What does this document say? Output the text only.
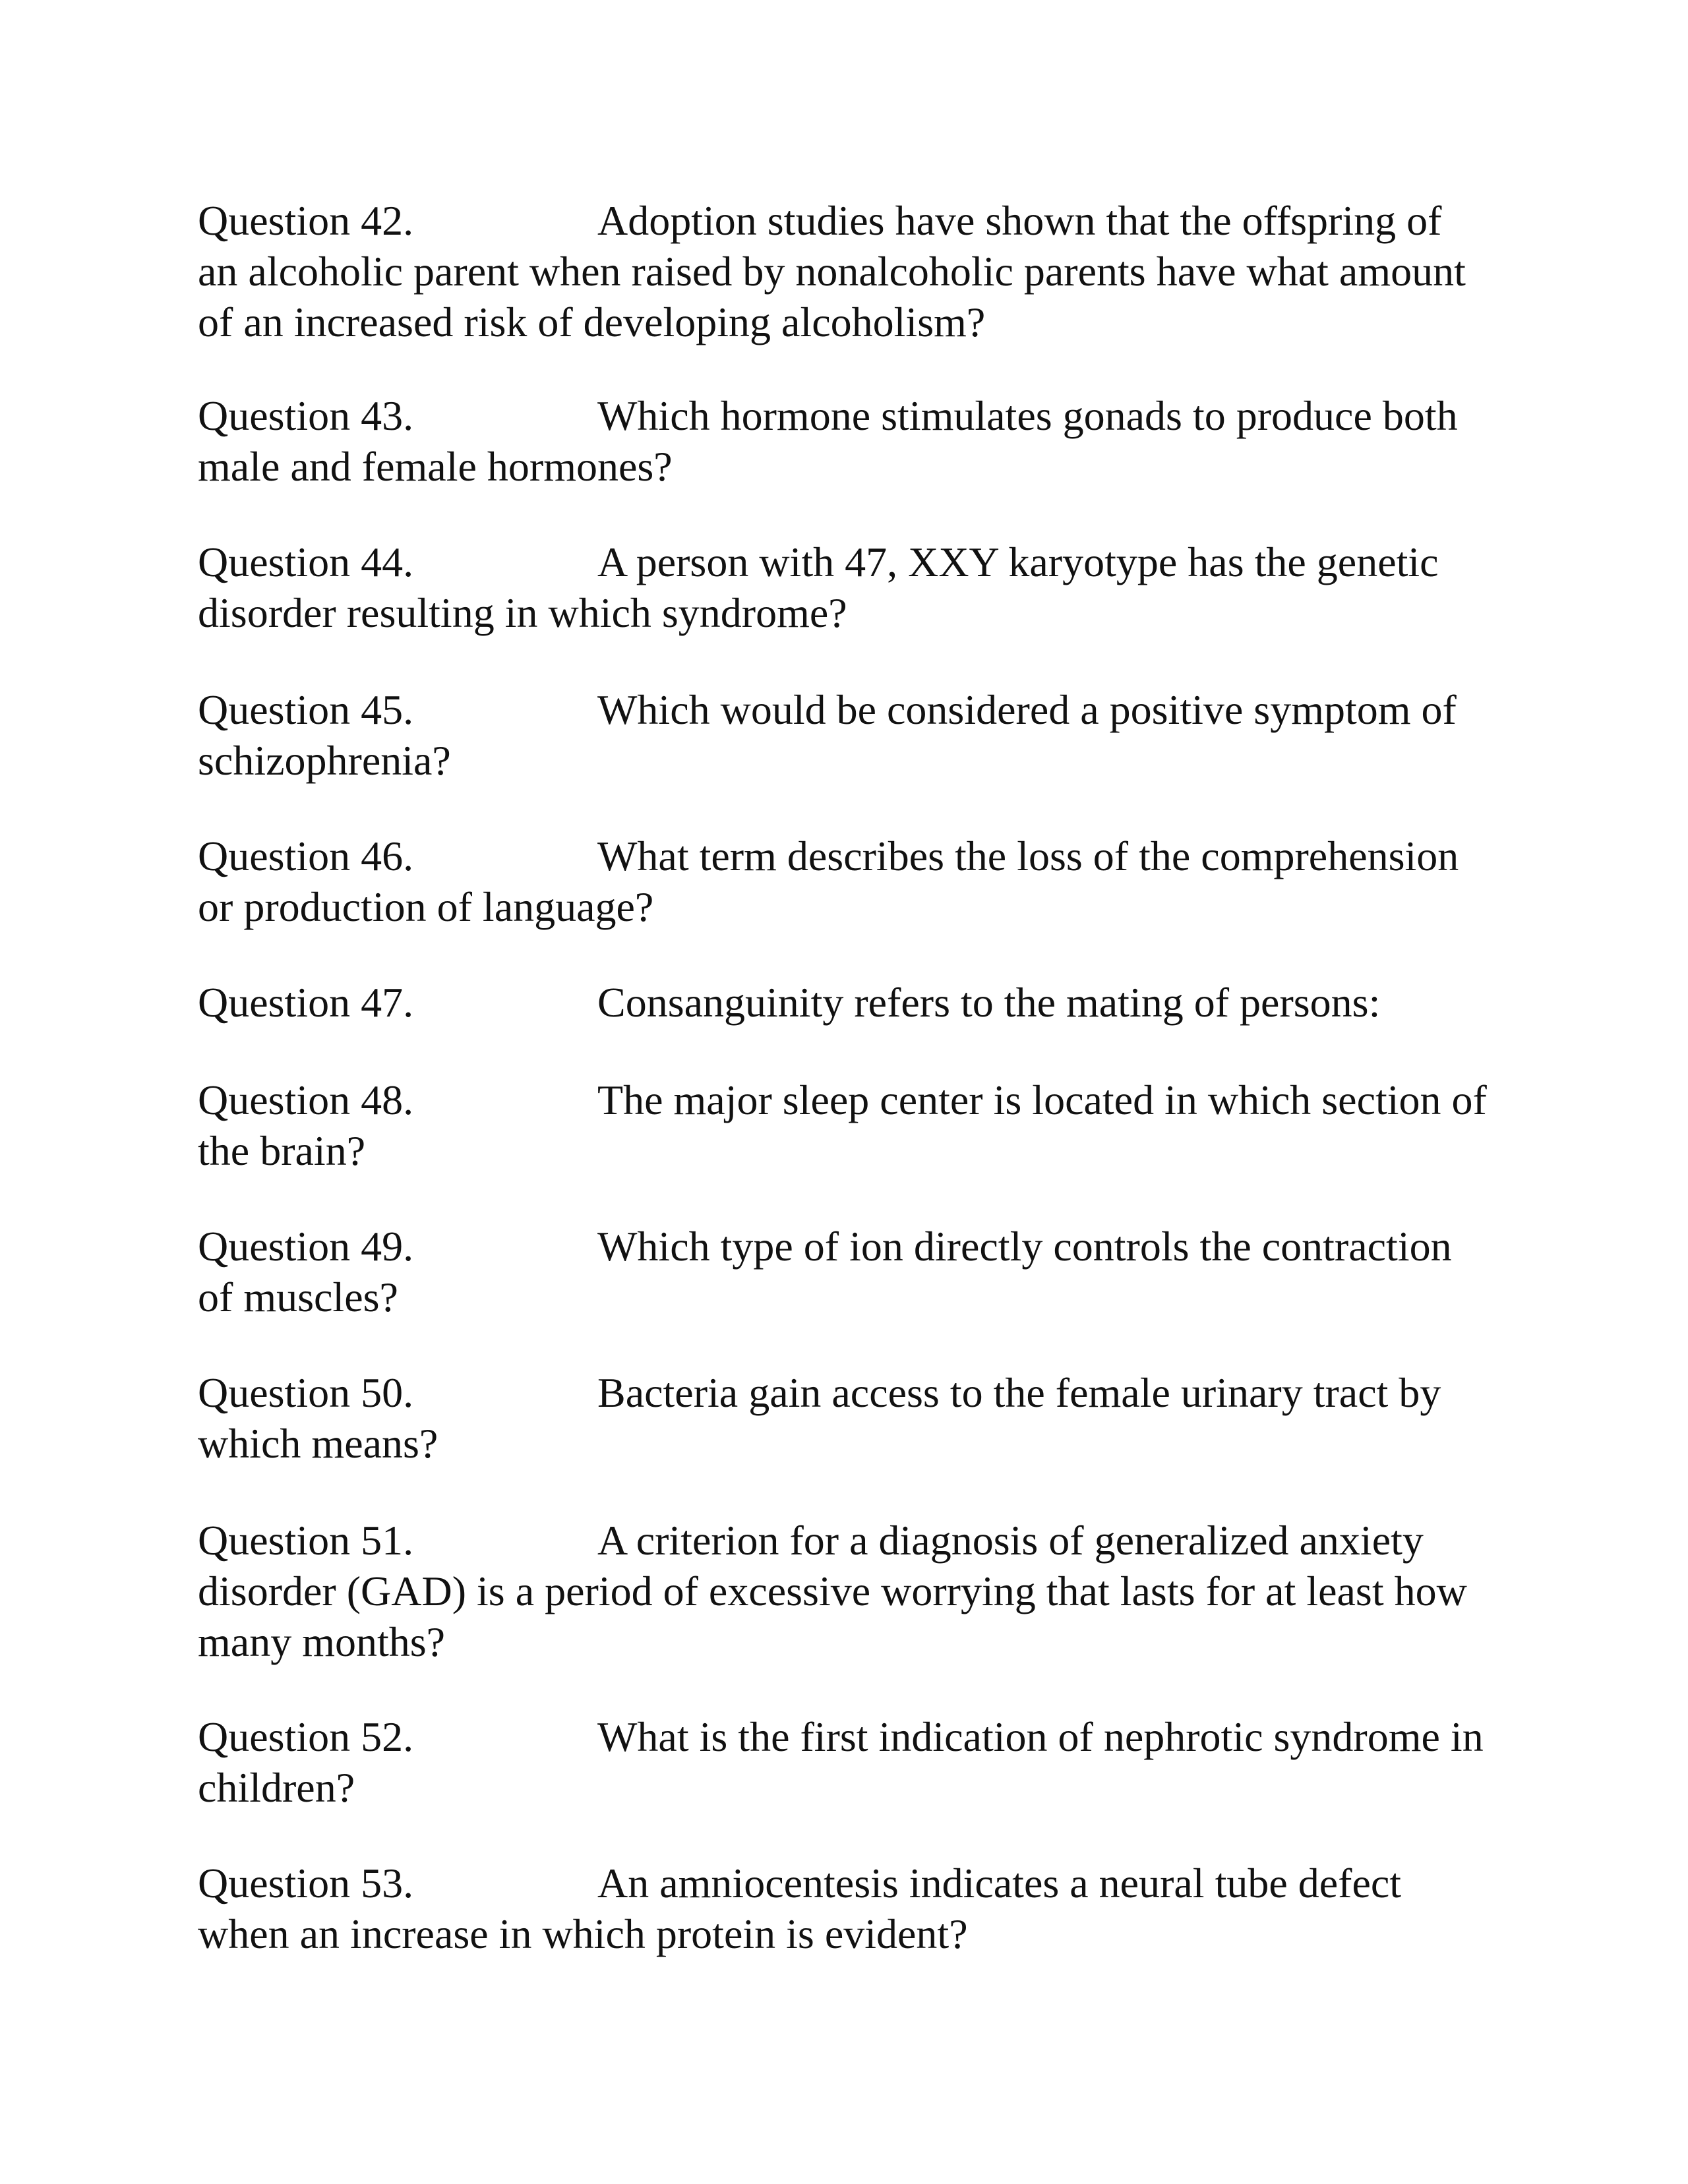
Question 42.	Adoption studies have shown that the offspring of an alcoholic parent when raised by nonalcoholic parents have what amount of an increased risk of developing alcoholism?
Question 43.	Which hormone stimulates gonads to produce both male and female hormones?
Question 44.	A person with 47, XXY karyotype has the genetic disorder resulting in which syndrome?
Question 45.	Which would be considered a positive symptom of schizophrenia?
Question 46.	What term describes the loss of the comprehension or production of language?
Question 47.	Consanguinity refers to the mating of persons:
Question 48.	The major sleep center is located in which section of the brain?
Question 49.	Which type of ion directly controls the contraction of muscles?
Question 50.	Bacteria gain access to the female urinary tract by which means?
Question 51.	A criterion for a diagnosis of generalized anxiety disorder (GAD) is a period of excessive worrying that lasts for at least how many months?
Question 52.	What is the first indication of nephrotic syndrome in children?
Question 53.	An amniocentesis indicates a neural tube defect when an increase in which protein is evident?
